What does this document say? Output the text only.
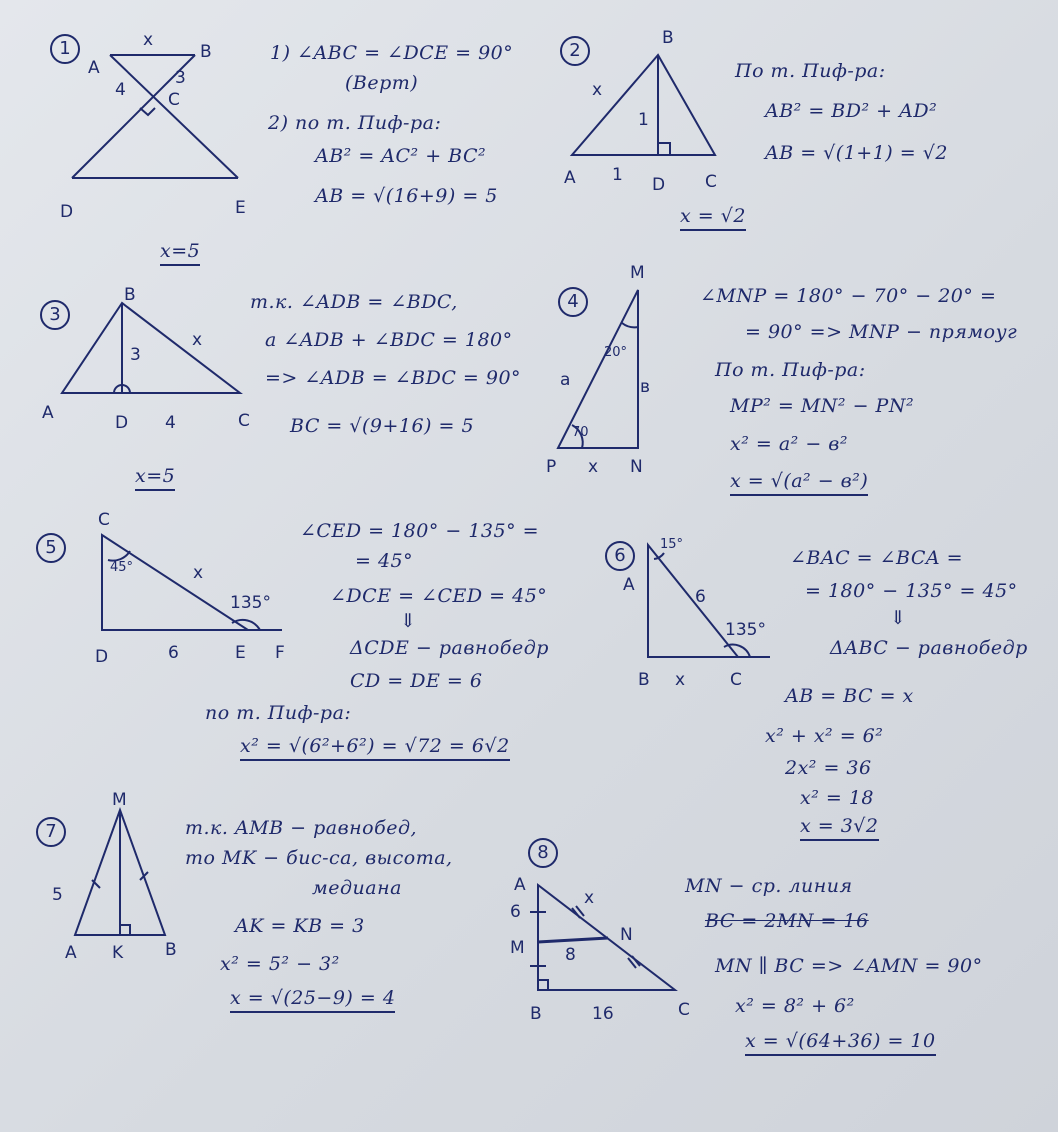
1	x
A
B
4
3
C
D	E
1) ∠ABC = ∠DCE = 90°
(Верт)
2) по т. Пиф-ра:
AB² = AC² + BC²
AB = √(16+9) = 5
x=5
2
B
x
1
A 1 D C
По т. Пиф-ра:
AB² = BD² + AD²
AB = √(1+1) = √2
x = √2
3
B
3
x
A	D 4	C
т.к. ∠ADB = ∠BDC,
а ∠ADB + ∠BDC = 180°
=> ∠ADB = ∠BDC = 90°
BC = √(9+16) = 5
x=5
4
M
20°
a	в
70
P x N
∠MNP = 180° − 70° − 20° =
= 90° => MNP − прямоуг
По т. Пиф-ра:
MP² = MN² − PN²
x² = a² − в²
x = √(a² − в²)
5
C
45°	x
135°
D	6	E F
∠CED = 180° − 135° =
= 45°
∠DCE = ∠CED = 45°
⇓
ΔCDE − равнобедр
CD = DE = 6
по т. Пиф-ра:
x² = √(6²+6²) = √72 = 6√2
6
15°
A
6
135°
B x	C
∠BAC = ∠BCA =
= 180° − 135° = 45°
⇓
ΔABC − равнобедр
AB = BC = x
x² + x² = 6²
2x² = 36
x² = 18
x = 3√2
7
M
5
A K B
т.к. AMB − равнобед,
то MK − бис-са, высота,
медиана
AK = KB = 3
x² = 5² − 3²
x = √(25−9) = 4
8
A
x
6
N
M 8
B	16	C
MN − ср. линия
BC = 2MN = 16
MN ∥ BC => ∠AMN = 90°
x² = 8² + 6²
x = √(64+36) = 10
